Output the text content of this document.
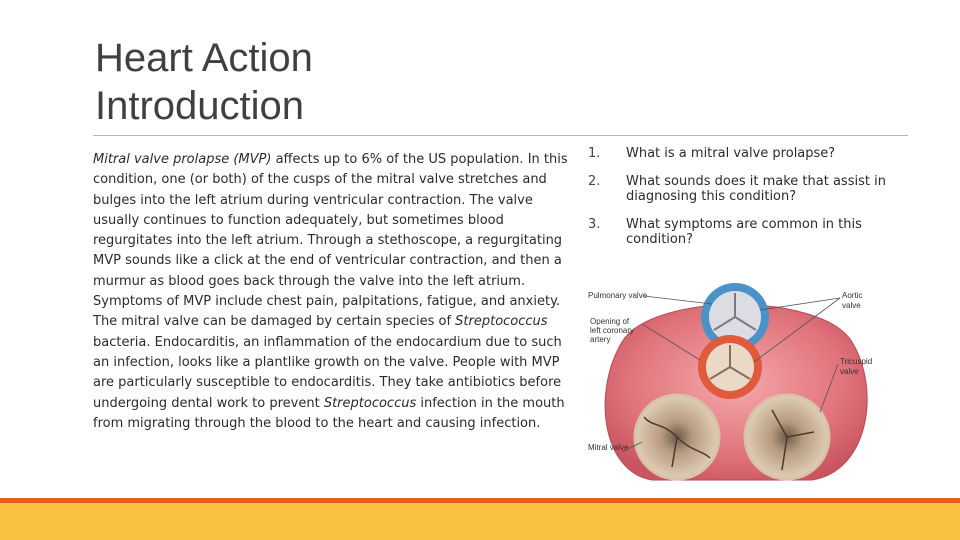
Heart Action
Introduction

Mitral valve prolapse (MVP) affects up to 6% of the US population. In this condition, one (or both) of the cusps of the mitral valve stretches and bulges into the left atrium during ventricular contraction. The valve usually continues to function adequately, but sometimes blood regurgitates into the left atrium. Through a stethoscope, a regurgitating MVP sounds like a click at the end of ventricular contraction, and then a murmur as blood goes back through the valve into the left atrium. Symptoms of MVP include chest pain, palpitations, fatigue, and anxiety.

The mitral valve can be damaged by certain species of Streptococcus bacteria. Endocarditis, an inflammation of the endocardium due to such an infection, looks like a plantlike growth on the valve. People with MVP are particularly susceptible to endocarditis. They take antibiotics before undergoing dental work to prevent Streptococcus infection in the mouth from migrating through the blood to the heart and causing infection.

1.	What is a mitral valve prolapse?
2.	What sounds does it make that assist in diagnosing this condition?
3.	What symptoms are common in this condition?
Pulmonary valve
Opening of
left coronary
artery
Aortic
valve
Tricuspid
valve
Mitral valve
